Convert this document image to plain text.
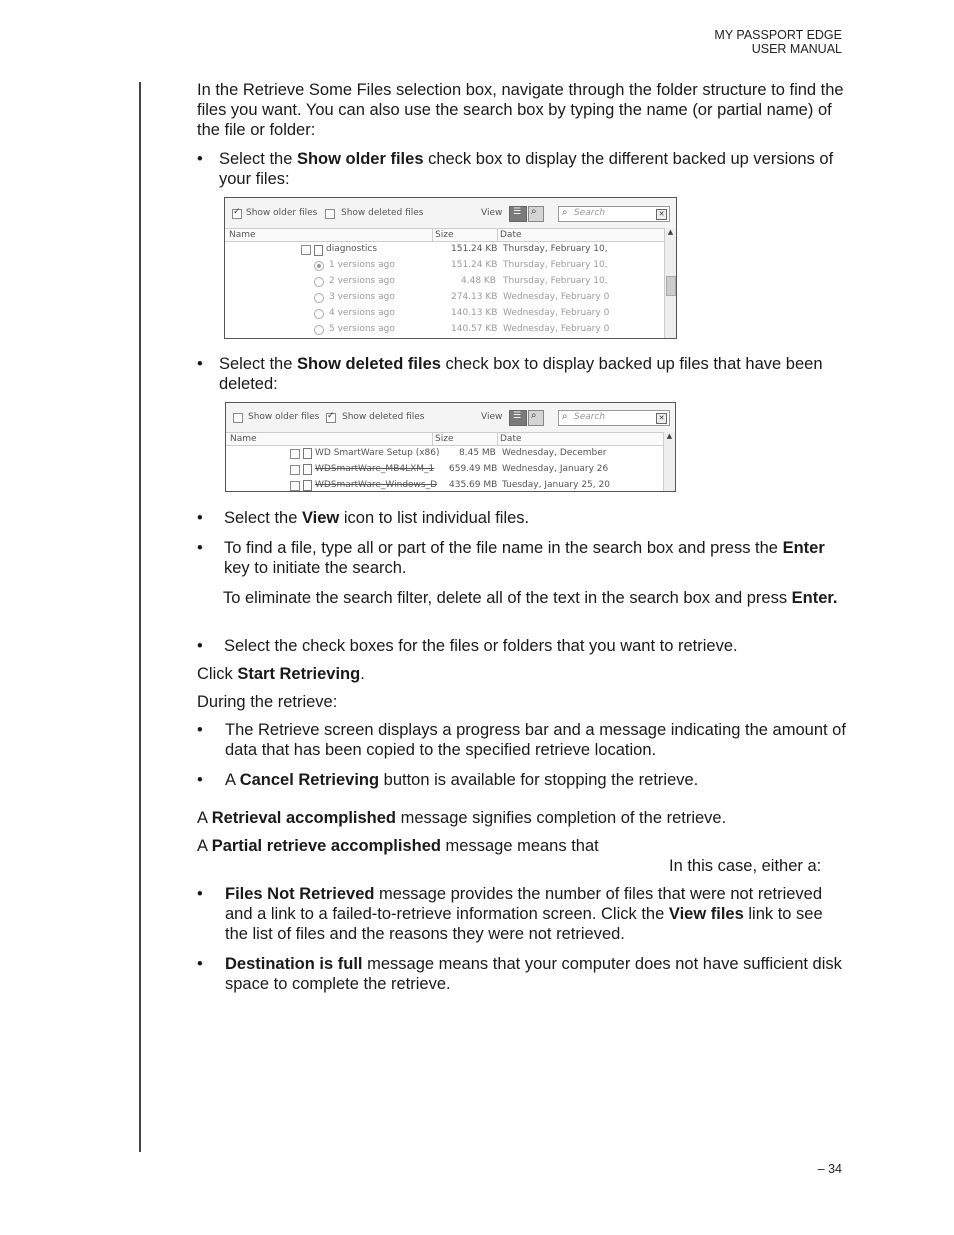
MY PASSPORT EDGE
USER MANUAL
In the Retrieve Some Files selection box, navigate through the folder structure to find the files you want. You can also use the search box by typing the name (or partial name) of the file or folder:
• Select the Show older files check box to display the different backed up versions of your files:
✓
Show older files	Show deleted files	View ☰ ⌕	⌕ Search	✕
Name	Size	Date
diagnostics	151.24 KB Thursday, February 10,
1 versions ago	151.24 KB Thursday, February 10,
2 versions ago	4.48 KB Thursday, February 10,
3 versions ago	274.13 KB Wednesday, February 0
4 versions ago	140.13 KB Wednesday, February 0
5 versions ago	140.57 KB Wednesday, February 0
▲
• Select the Show deleted files check box to display backed up files that have been deleted:
Show older files ✓	Show deleted files	View ☰ ⌕	⌕ Search	✕
Name	Size	Date
WD SmartWare Setup (x86) 8.45 MB Wednesday, December
WDSmartWare_MB4LXM_1 659.49 MB Wednesday, January 26
WDSmartWare_Windows_D 435.69 MB Tuesday, January 25, 20
▲
• Select the View icon to list individual files.
• To find a file, type all or part of the file name in the search box and press the Enter key to initiate the search.
To eliminate the search filter, delete all of the text in the search box and press Enter.
• Select the check boxes for the files or folders that you want to retrieve.
Click Start Retrieving.
During the retrieve:
• The Retrieve screen displays a progress bar and a message indicating the amount of data that has been copied to the specified retrieve location.
• A Cancel Retrieving button is available for stopping the retrieve.
A Retrieval accomplished message signifies completion of the retrieve.
A Partial retrieve accomplished message means that
In this case, either a:
• Files Not Retrieved message provides the number of files that were not retrieved and a link to a failed-to-retrieve information screen. Click the View files link to see the list of files and the reasons they were not retrieved.
• Destination is full message means that your computer does not have sufficient disk space to complete the retrieve.
– 34
